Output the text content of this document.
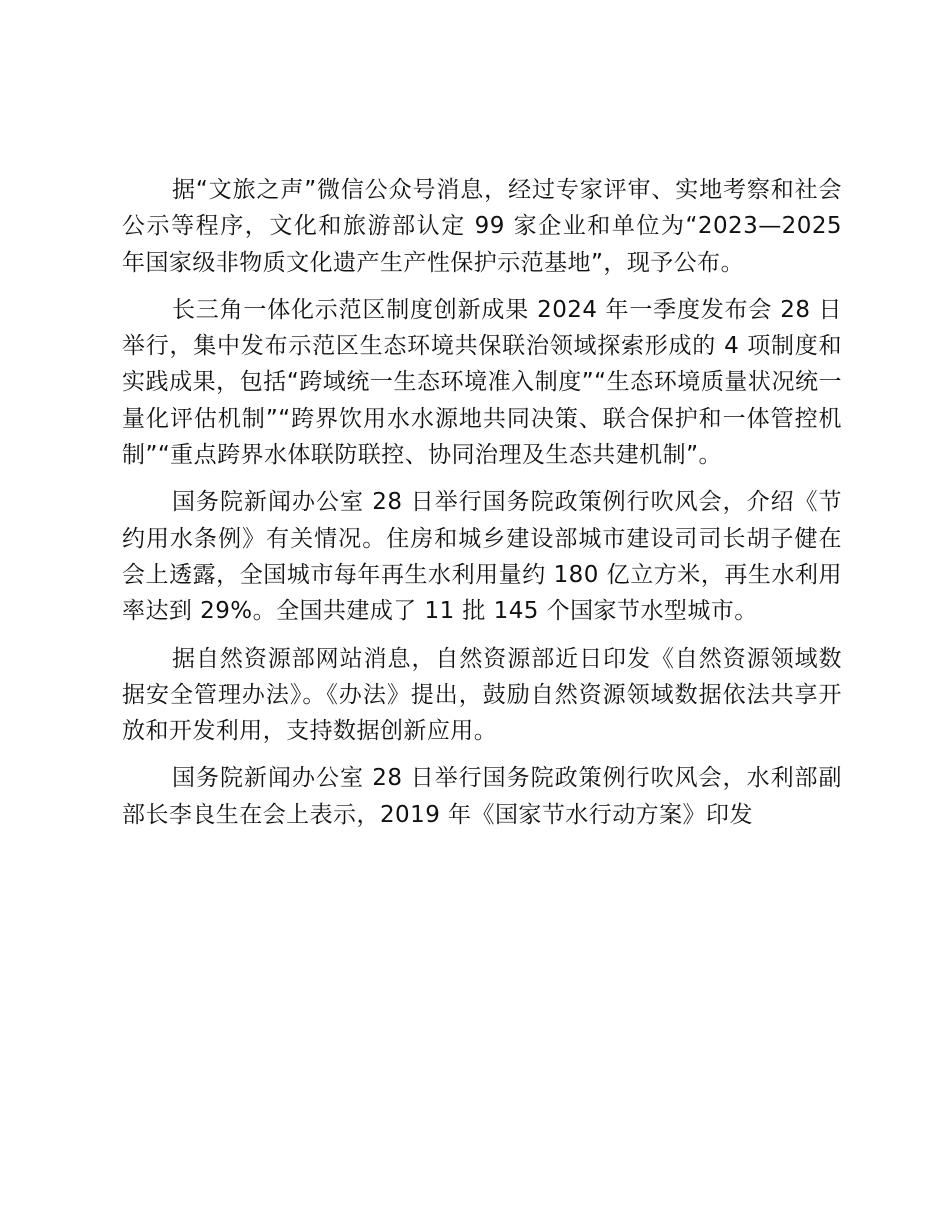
据“文旅之声”微信公众号消息，经过专家评审、实地考察和社会公示等程序，文化和旅游部认定 99 家企业和单位为“2023—2025 年国家级非物质文化遗产生产性保护示范基地”，现予公布。

长三角一体化示范区制度创新成果 2024 年一季度发布会 28 日举行，集中发布示范区生态环境共保联治领域探索形成的 4 项制度和实践成果，包括“跨域统一生态环境准入制度”“生态环境质量状况统一量化评估机制”“跨界饮用水水源地共同决策、联合保护和一体管控机制”“重点跨界水体联防联控、协同治理及生态共建机制”。

国务院新闻办公室 28 日举行国务院政策例行吹风会，介绍《节约用水条例》有关情况。住房和城乡建设部城市建设司司长胡子健在会上透露，全国城市每年再生水利用量约 180 亿立方米，再生水利用率达到 29%。全国共建成了 11 批 145 个国家节水型城市。

据自然资源部网站消息，自然资源部近日印发《自然资源领域数据安全管理办法》。《办法》提出，鼓励自然资源领域数据依法共享开放和开发利用，支持数据创新应用。

国务院新闻办公室 28 日举行国务院政策例行吹风会，水利部副部长李良生在会上表示，2019 年《国家节水行动方案》印发
